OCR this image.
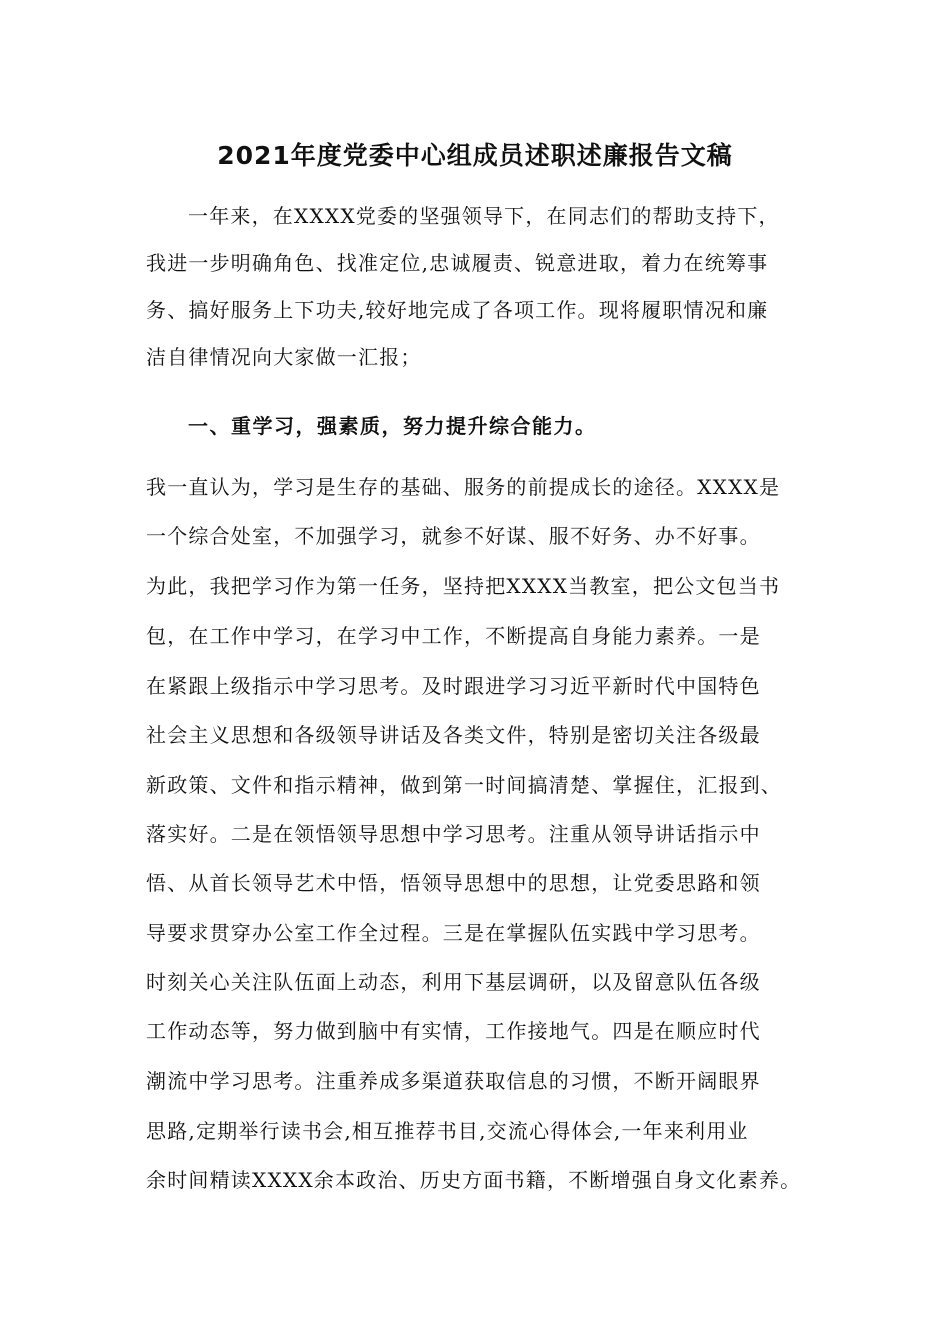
2021年度党委中心组成员述职述廉报告文稿
一年来，在XXXX党委的坚强领导下，在同志们的帮助支持下，
我进一步明确角色、找准定位,忠诚履责、锐意进取，着力在统筹事
务、搞好服务上下功夫,较好地完成了各项工作。现将履职情况和廉
洁自律情况向大家做一汇报；
一、重学习，强素质，努力提升综合能力。
我一直认为，学习是生存的基础、服务的前提成长的途径。XXXX是
一个综合处室，不加强学习，就参不好谋、服不好务、办不好事。
为此，我把学习作为第一任务，坚持把XXXX当教室，把公文包当书
包，在工作中学习，在学习中工作，不断提高自身能力素养。一是
在紧跟上级指示中学习思考。及时跟进学习习近平新时代中国特色
社会主义思想和各级领导讲话及各类文件，特别是密切关注各级最
新政策、文件和指示精神，做到第一时间搞清楚、掌握住，汇报到、
落实好。二是在领悟领导思想中学习思考。注重从领导讲话指示中
悟、从首长领导艺术中悟，悟领导思想中的思想，让党委思路和领
导要求贯穿办公室工作全过程。三是在掌握队伍实践中学习思考。
时刻关心关注队伍面上动态，利用下基层调研，以及留意队伍各级
工作动态等，努力做到脑中有实情，工作接地气。四是在顺应时代
潮流中学习思考。注重养成多渠道获取信息的习惯，不断开阔眼界
思路,定期举行读书会,相互推荐书目,交流心得体会,一年来利用业
余时间精读XXXX余本政治、历史方面书籍，不断增强自身文化素养。
